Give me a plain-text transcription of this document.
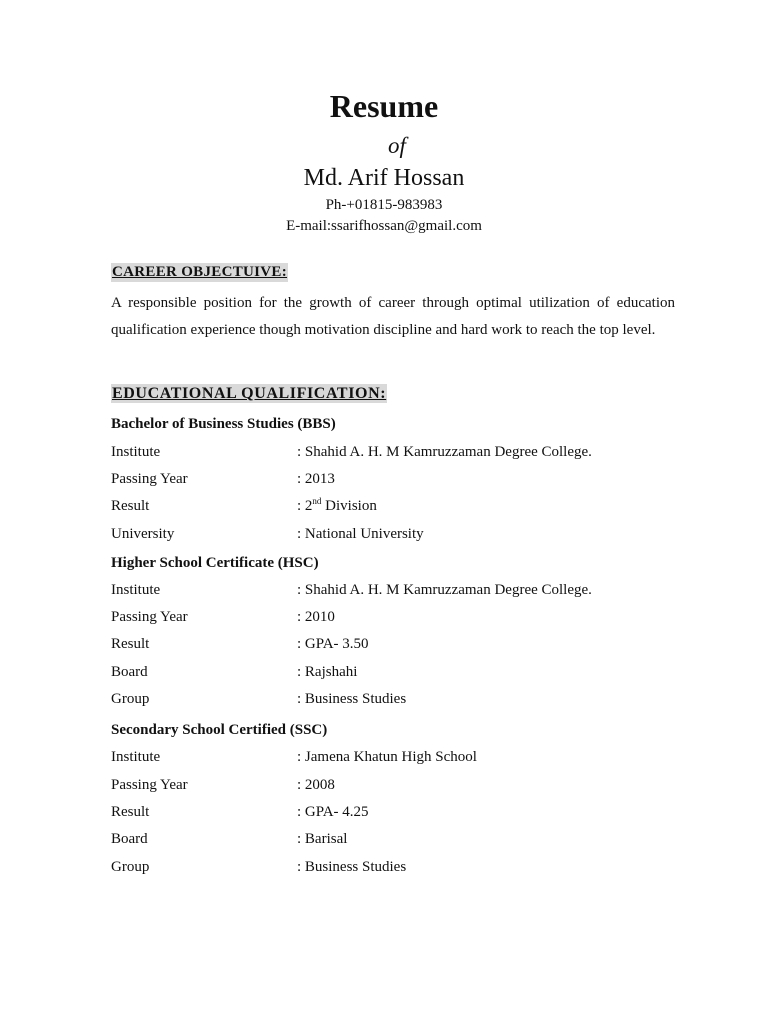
Resume
of
Md. Arif Hossan
Ph-+01815-983983
E-mail:ssarifhossan@gmail.com
CAREER OBJECTUIVE:

A responsible position for the growth of career through optimal utilization of education qualification experience though motivation discipline and hard work to reach the top level.

EDUCATIONAL QUALIFICATION:
Bachelor of Business Studies (BBS)
Institute	: Shahid A. H. M Kamruzzaman Degree College.
Passing Year	: 2013
Result	: 2nd Division
University	: National University
Higher School Certificate (HSC)
Institute	: Shahid A. H. M Kamruzzaman Degree College.
Passing Year	: 2010
Result	: GPA- 3.50
Board	: Rajshahi
Group	: Business Studies
Secondary School Certified (SSC)
Institute	: Jamena Khatun High School
Passing Year	: 2008
Result	: GPA- 4.25
Board	: Barisal
Group	: Business Studies
